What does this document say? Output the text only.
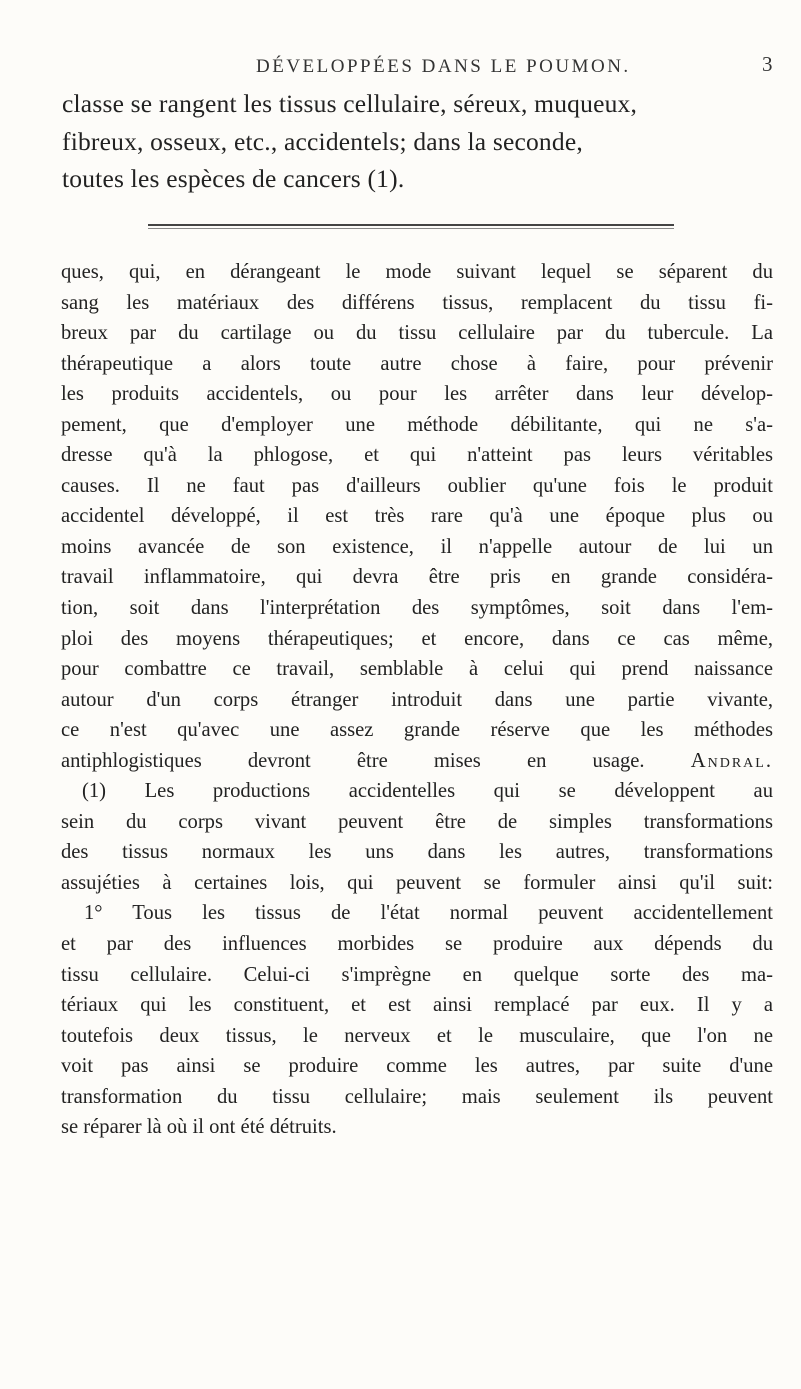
DÉVELOPPÉES DANS LE POUMON.	3
classe se rangent les tissus cellulaire, séreux, muqueux,
fibreux, osseux, etc., accidentels; dans la seconde,
toutes les espèces de cancers (1).
ques, qui, en dérangeant le mode suivant lequel se séparent du
sang les matériaux des différens tissus, remplacent du tissu fi-
breux par du cartilage ou du tissu cellulaire par du tubercule. La
thérapeutique a alors toute autre chose à faire, pour prévenir
les produits accidentels, ou pour les arrêter dans leur dévelop-
pement, que d'employer une méthode débilitante, qui ne s'a-
dresse qu'à la phlogose, et qui n'atteint pas leurs véritables
causes. Il ne faut pas d'ailleurs oublier qu'une fois le produit
accidentel développé, il est très rare qu'à une époque plus ou
moins avancée de son existence, il n'appelle autour de lui un
travail inflammatoire, qui devra être pris en grande considéra-
tion, soit dans l'interprétation des symptômes, soit dans l'em-
ploi des moyens thérapeutiques; et encore, dans ce cas même,
pour combattre ce travail, semblable à celui qui prend naissance
autour d'un corps étranger introduit dans une partie vivante,
ce n'est qu'avec une assez grande réserve que les méthodes
antiphlogistiques devront être mises en usage. Andral.
(1) Les productions accidentelles qui se développent au
sein du corps vivant peuvent être de simples transformations
des tissus normaux les uns dans les autres, transformations
assujéties à certaines lois, qui peuvent se formuler ainsi qu'il suit:
1° Tous les tissus de l'état normal peuvent accidentellement
et par des influences morbides se produire aux dépends du
tissu cellulaire. Celui-ci s'imprègne en quelque sorte des ma-
tériaux qui les constituent, et est ainsi remplacé par eux. Il y a
toutefois deux tissus, le nerveux et le musculaire, que l'on ne
voit pas ainsi se produire comme les autres, par suite d'une
transformation du tissu cellulaire; mais seulement ils peuvent
se réparer là où il ont été détruits.
